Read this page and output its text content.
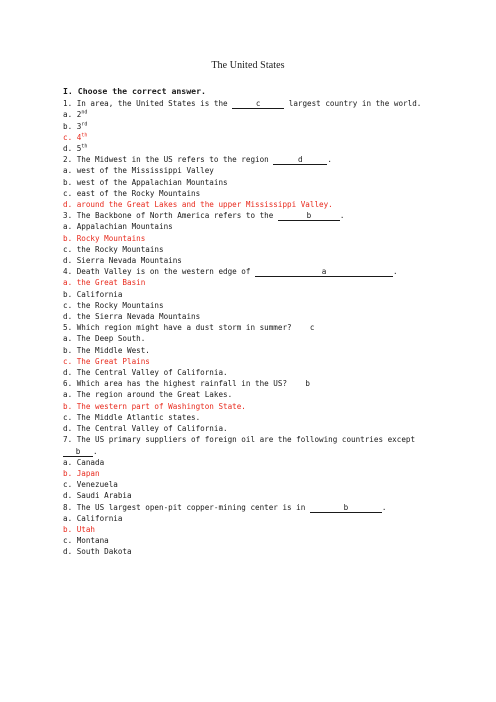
The United States
I. Choose the correct answer.
1. In area, the United States is the	c	largest country in the world.
a. 2nd
b. 3rd
c. 4th
d. 5th
2. The Midwest in the US refers to the region	d	.
a. west of the Mississippi Valley
b. west of the Appalachian Mountains
c. east of the Rocky Mountains
d. around the Great Lakes and the upper Mississippi Valley.
3. The Backbone of North America refers to the	b	.
a. Appalachian Mountains
b. Rocky Mountains
c. the Rocky Mountains
d. Sierra Nevada Mountains
4. Death Valley is on the western edge of	a	.
a. the Great Basin
b. California
c. the Rocky Mountains
d. the Sierra Nevada Mountains
5. Which region might have a dust storm in summer? c
a. The Deep South.
b. The Middle West.
c. The Great Plains
d. The Central Valley of California.
6. Which area has the highest rainfall in the US? b
a. The region around the Great Lakes.
b. The western part of Washington State.
c. The Middle Atlantic states.
d. The Central Valley of California.
7. The US primary suppliers of foreign oil are the following countries except b .
a. Canada
b. Japan
c. Venezuela
d. Saudi Arabia
8. The US largest open-pit copper-mining center is in	b	.
a. California
b. Utah
c. Montana
d. South Dakota
